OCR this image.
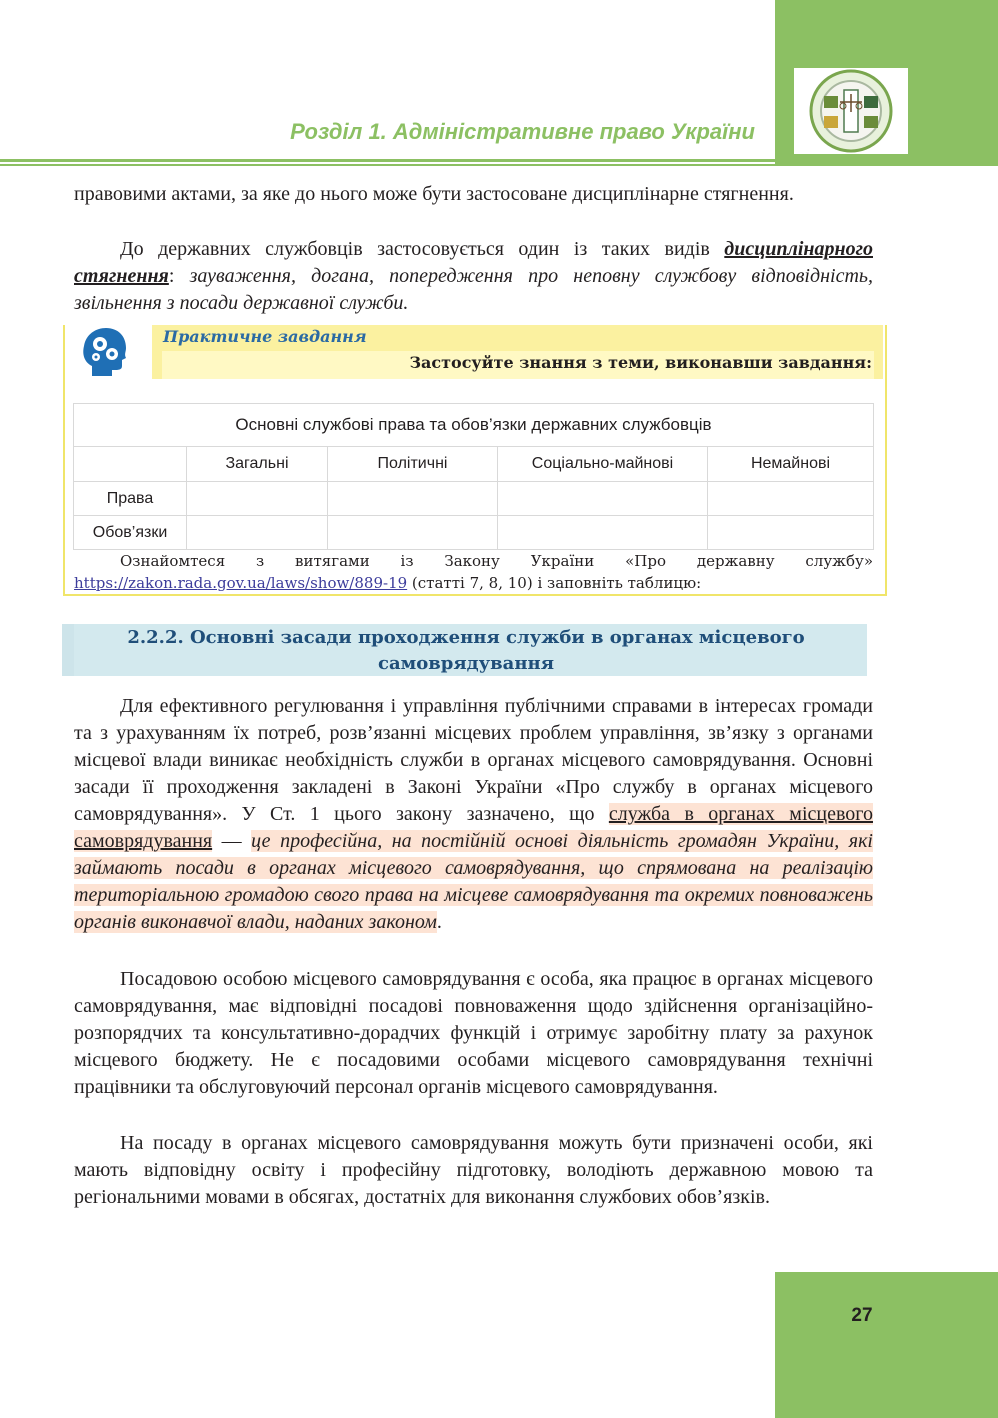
Розділ 1. Адміністративне право України

правовими актами, за яке до нього може бути застосоване дисциплінарне стягнення.

До державних службовців застосовується один із таких видів дисциплінарного стягнення: зауваження, догана, попередження про неповну службову відповідність, звільнення з посади державної служби.

Практичне завдання
Застосуйте знання з теми, виконавши завдання:
Основні службові права та обов’язки державних службовців				
	Загальні	Політичні	Соціально-майнові	Немайнові
Права				
Обов’язки				
Ознайомтеся з витягами із Закону України «Про державну службу»
https://zakon.rada.gov.ua/laws/show/889-19 (статті 7, 8, 10) і заповніть таблицю:
2.2.2. Основні засади проходження служби в органах місцевого
самоврядування

Для ефективного регулювання і управління публічними справами в інтересах громади та з урахуванням їх потреб, розв’язанні місцевих проблем управління, зв’язку з органами місцевої влади виникає необхідність служби в органах місцевого самоврядування. Основні засади її проходження закладені в Законі України «Про службу в органах місцевого самоврядування». У Ст. 1 цього закону зазначено, що служба в органах місцевого самоврядування — це професійна, на постійній основі діяльність громадян України, які займають посади в органах місцевого самоврядування, що спрямована на реалізацію територіальною громадою свого права на місцеве самоврядування та окремих повноважень органів виконавчої влади, наданих законом.

Посадовою особою місцевого самоврядування є особа, яка працює в органах місцевого самоврядування, має відповідні посадові повноваження щодо здійснення організаційно-розпорядчих та консультативно-дорадчих функцій і отримує заробітну плату за рахунок місцевого бюджету. Не є посадовими особами місцевого самоврядування технічні працівники та обслуговуючий персонал органів місцевого самоврядування.

На посаду в органах місцевого самоврядування можуть бути призначені особи, які мають відповідну освіту і професійну підготовку, володіють державною мовою та регіональними мовами в обсягах, достатніх для виконання службових обов’язків.

27
